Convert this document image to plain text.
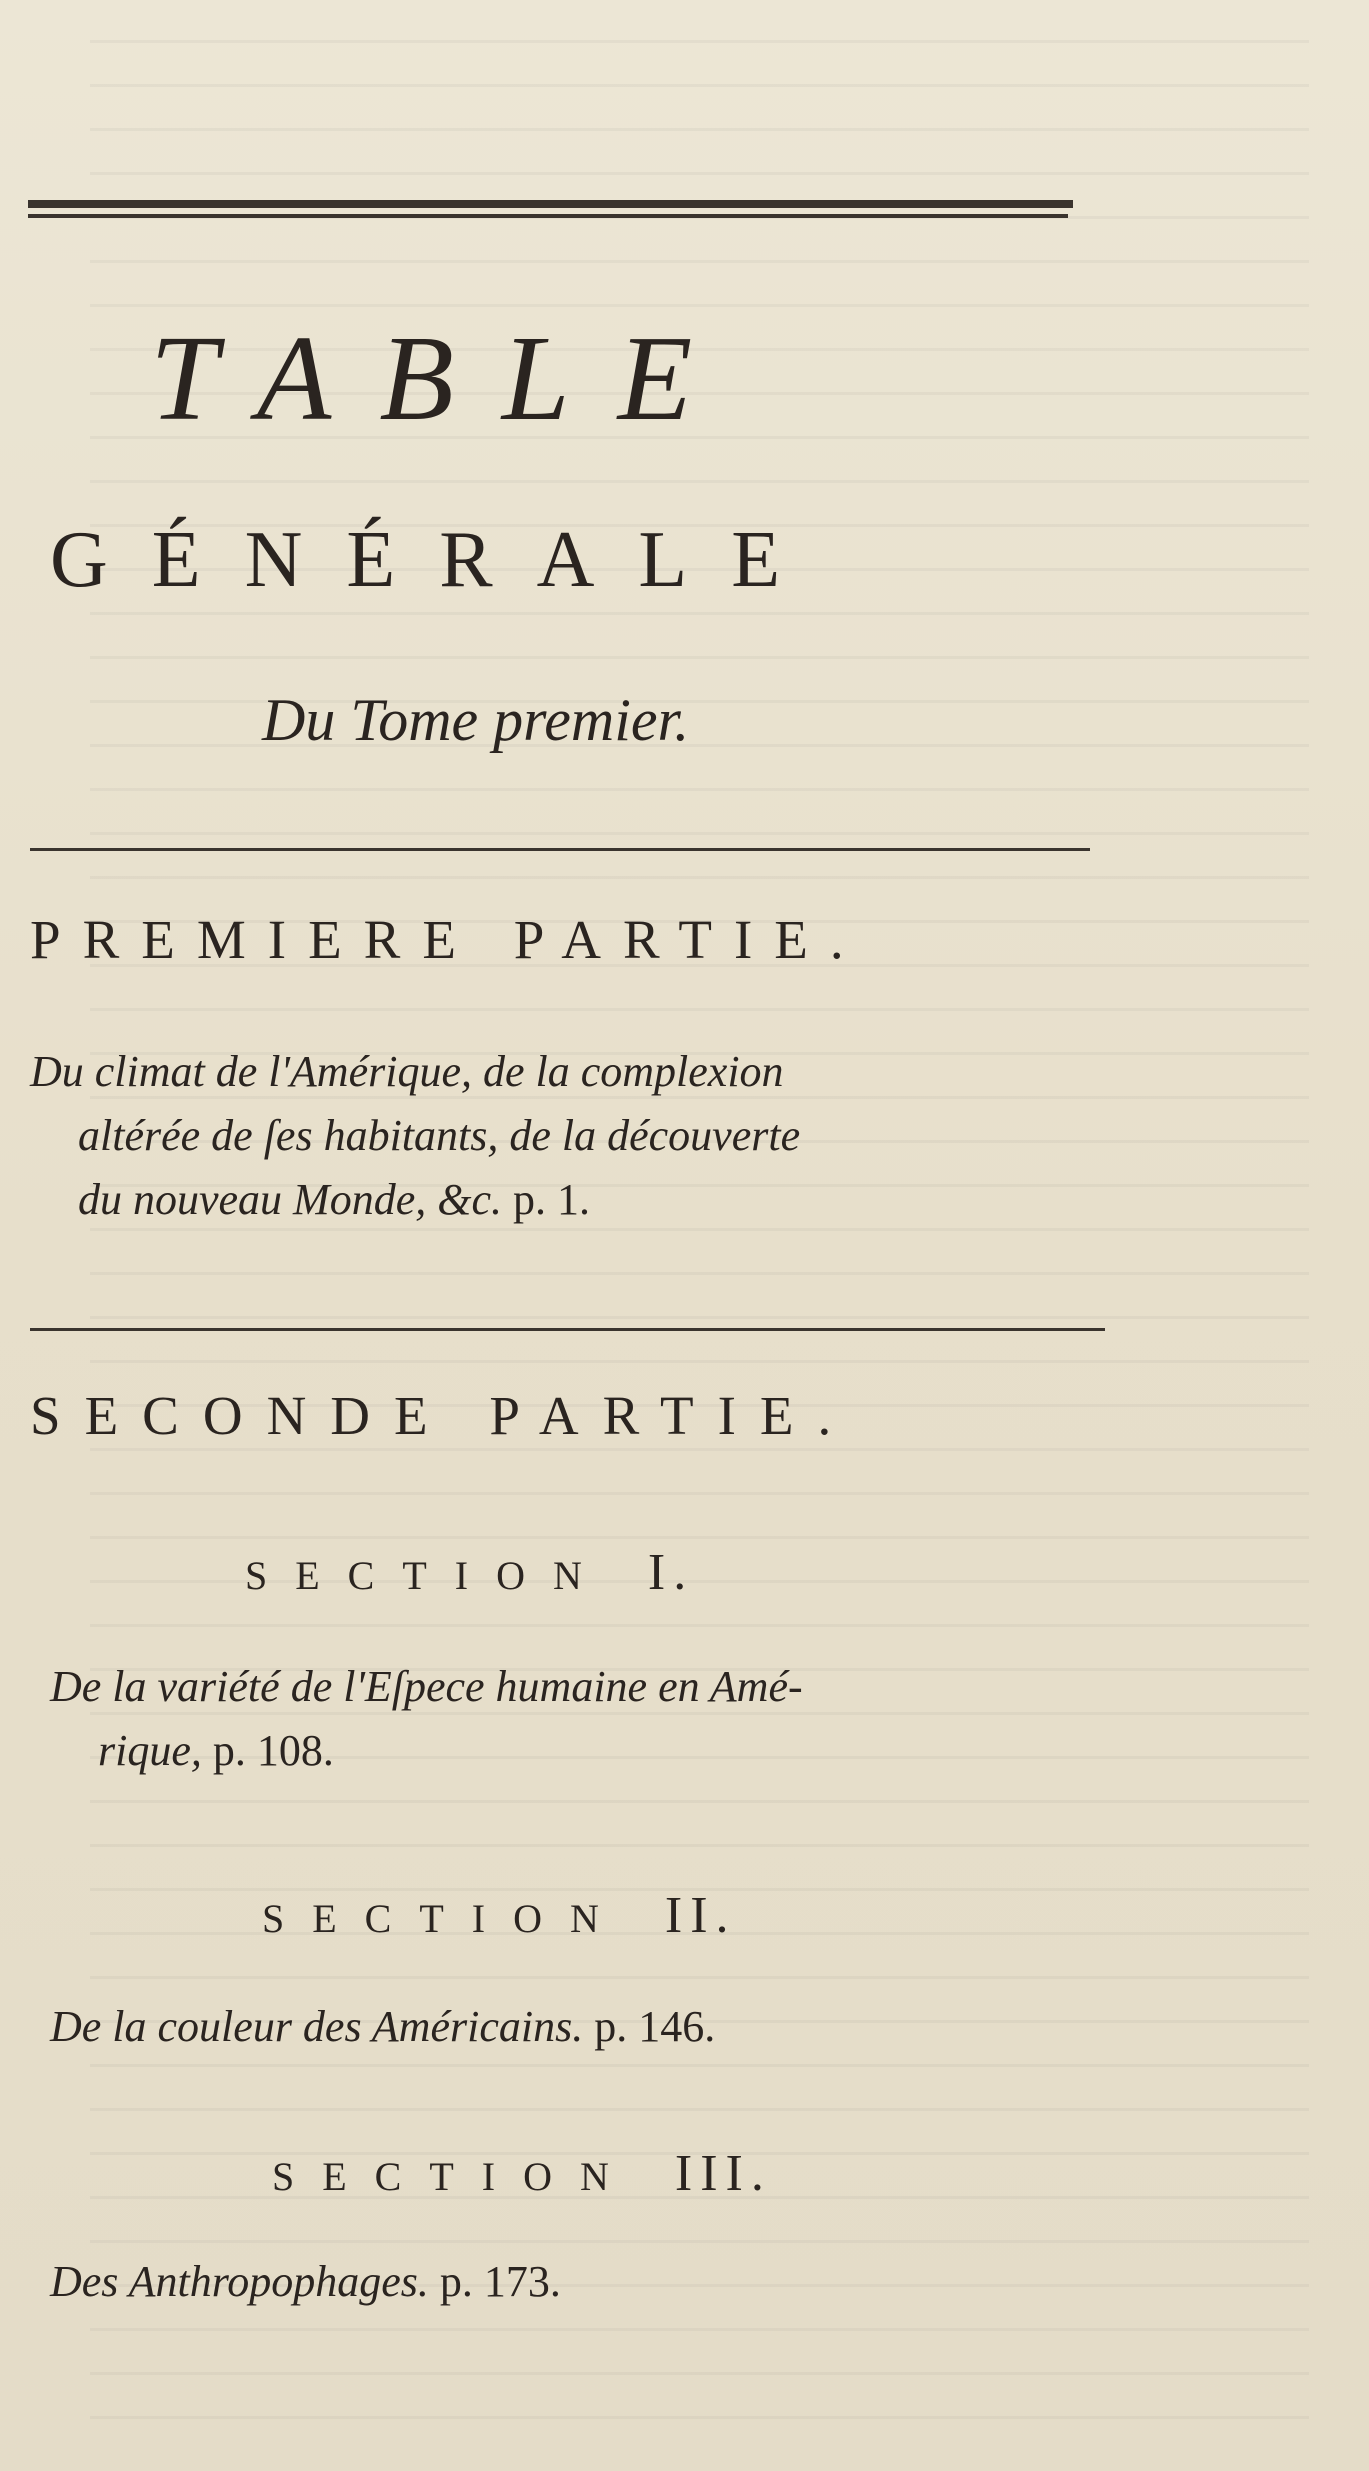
TABLE
GÉNÉRALE
Du Tome premier.
PREMIERE PARTIE.
Du climat de l'Amérique, de la complexion
altérée de ſes habitants, de la découverte
du nouveau Monde, &c. p. 1.
SECONDE PARTIE.
SECTION I.
De la variété de l'Eſpece humaine en Amé-
rique, p. 108.
SECTION II.
De la couleur des Américains. p. 146.
SECTION III.
Des Anthropophages. p. 173.
